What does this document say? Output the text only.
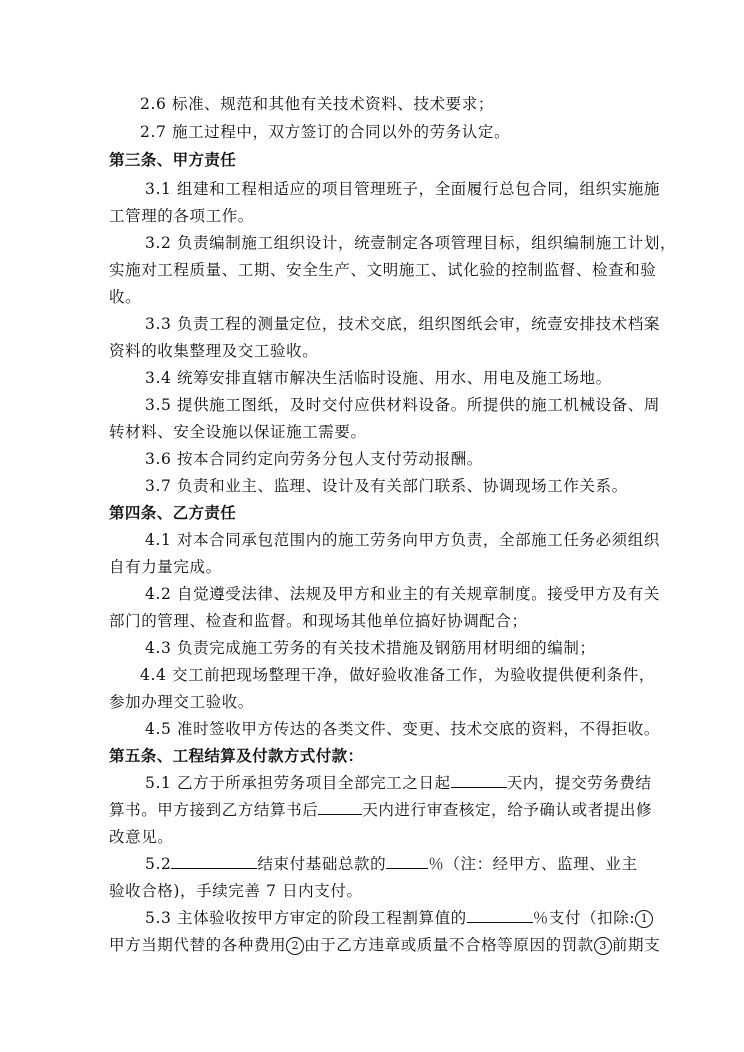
2.6 标准、规范和其他有关技术资料、技术要求；
2.7 施工过程中，双方签订的合同以外的劳务认定。
第三条、甲方责任
3.1 组建和工程相适应的项目管理班子，全面履行总包合同，组织实施施
工管理的各项工作。
3.2 负责编制施工组织设计，统壹制定各项管理目标，组织编制施工计划，
实施对工程质量、工期、安全生产、文明施工、试化验的控制监督、检查和验
收。
3.3 负责工程的测量定位，技术交底，组织图纸会审，统壹安排技术档案
资料的收集整理及交工验收。
3.4 统筹安排直辖市解决生活临时设施、用水、用电及施工场地。
3.5 提供施工图纸，及时交付应供材料设备。所提供的施工机械设备、周
转材料、安全设施以保证施工需要。
3.6 按本合同约定向劳务分包人支付劳动报酬。
3.7 负责和业主、监理、设计及有关部门联系、协调现场工作关系。
第四条、乙方责任
4.1 对本合同承包范围内的施工劳务向甲方负责，全部施工任务必须组织
自有力量完成。
4.2 自觉遵受法律、法规及甲方和业主的有关规章制度。接受甲方及有关
部门的管理、检查和监督。和现场其他单位搞好协调配合；
4.3 负责完成施工劳务的有关技术措施及钢筋用材明细的编制；
4.4 交工前把现场整理干净，做好验收准备工作，为验收提供便利条件，
参加办理交工验收。
4.5 准时签收甲方传达的各类文件、变更、技术交底的资料，不得拒收。
第五条、工程结算及付款方式付款：
5.1 乙方于所承担劳务项目全部完工之日起	天内，提交劳务费结
算书。甲方接到乙方结算书后	天内进行审查核定，给予确认或者提出修
改意见。
5.2	结束付基础总款的	％（注：经甲方、监理、业主
验收合格)，手续完善 7 日内支付。
5.3 主体验收按甲方审定的阶段工程割算值的	％支付（扣除: 1
甲方当期代替的各种费用 2 由于乙方违章或质量不合格等原因的罚款 3 前期支
